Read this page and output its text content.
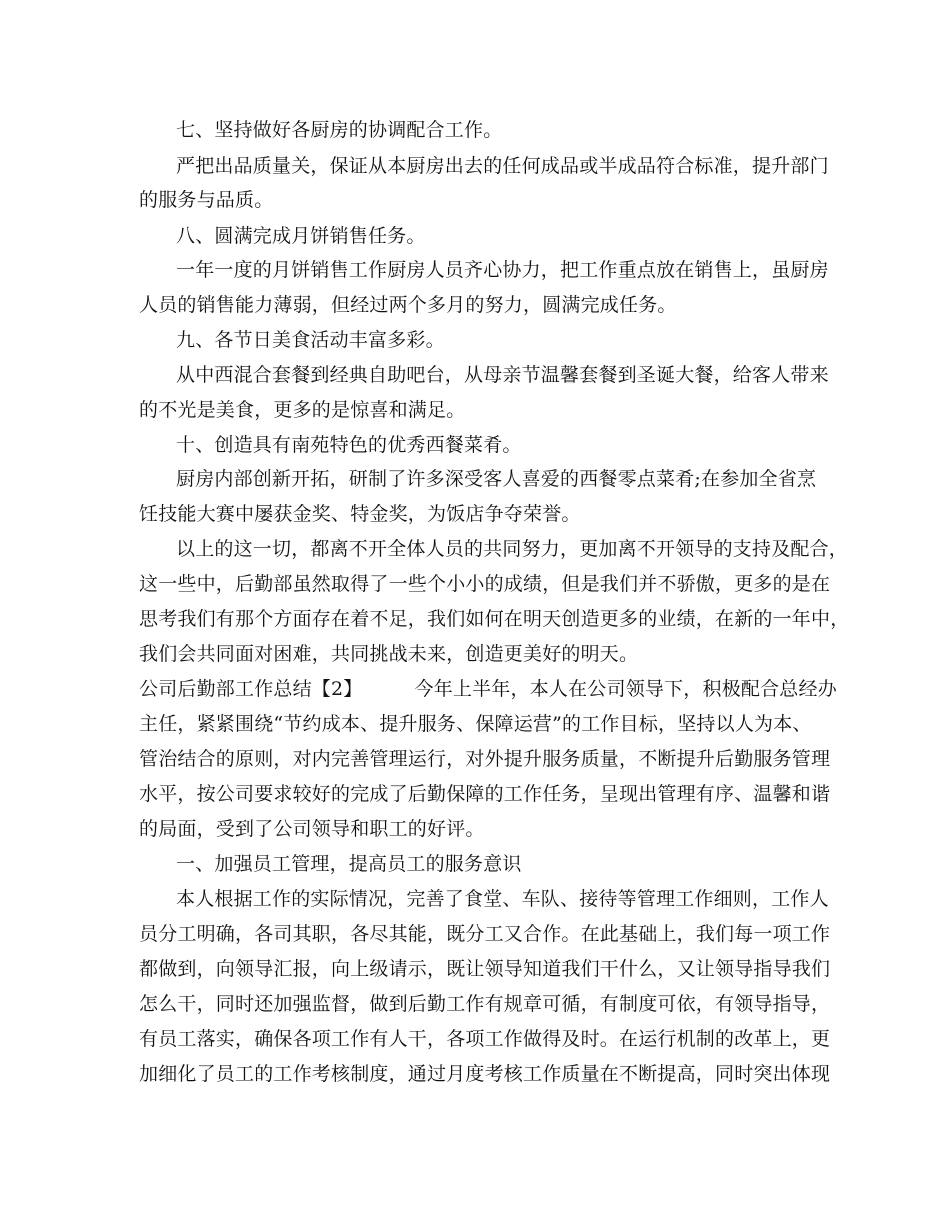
七、坚持做好各厨房的协调配合工作。
严把出品质量关，保证从本厨房出去的任何成品或半成品符合标准，提升部门
的服务与品质。
八、圆满完成月饼销售任务。
一年一度的月饼销售工作厨房人员齐心协力，把工作重点放在销售上，虽厨房
人员的销售能力薄弱，但经过两个多月的努力，圆满完成任务。
九、各节日美食活动丰富多彩。
从中西混合套餐到经典自助吧台，从母亲节温馨套餐到圣诞大餐，给客人带来
的不光是美食，更多的是惊喜和满足。
十、创造具有南苑特色的优秀西餐菜肴。
厨房内部创新开拓，研制了许多深受客人喜爱的西餐零点菜肴;在参加全省烹
饪技能大赛中屡获金奖、特金奖，为饭店争夺荣誉。
以上的这一切，都离不开全体人员的共同努力，更加离不开领导的支持及配合，
这一些中，后勤部虽然取得了一些个小小的成绩，但是我们并不骄傲，更多的是在
思考我们有那个方面存在着不足，我们如何在明天创造更多的业绩，在新的一年中，
我们会共同面对困难，共同挑战未来，创造更美好的明天。
公司后勤部工作总结【2】	今年上半年，本人在公司领导下，积极配合总经办
主任，紧紧围绕“节约成本、提升服务、保障运营”的工作目标，坚持以人为本、
管治结合的原则，对内完善管理运行，对外提升服务质量，不断提升后勤服务管理
水平，按公司要求较好的完成了后勤保障的工作任务，呈现出管理有序、温馨和谐
的局面，受到了公司领导和职工的好评。
一、加强员工管理，提高员工的服务意识
本人根据工作的实际情况，完善了食堂、车队、接待等管理工作细则，工作人
员分工明确，各司其职，各尽其能，既分工又合作。在此基础上，我们每一项工作
都做到，向领导汇报，向上级请示，既让领导知道我们干什么，又让领导指导我们
怎么干，同时还加强监督，做到后勤工作有规章可循，有制度可依，有领导指导，
有员工落实，确保各项工作有人干，各项工作做得及时。在运行机制的改革上，更
加细化了员工的工作考核制度，通过月度考核工作质量在不断提高，同时突出体现
